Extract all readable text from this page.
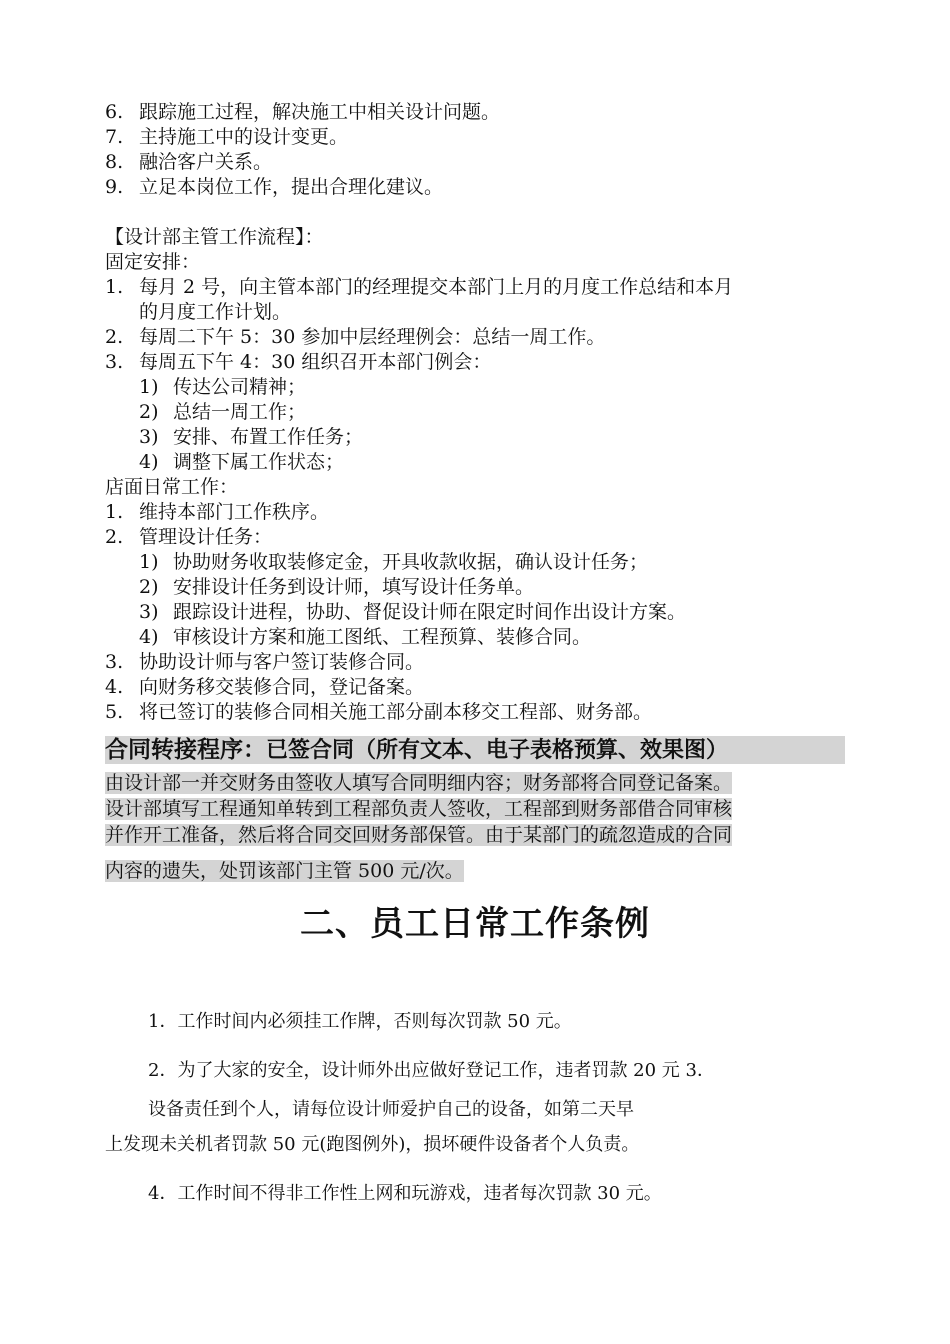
6. 跟踪施工过程，解决施工中相关设计问题。
7. 主持施工中的设计变更。
8. 融洽客户关系。
9. 立足本岗位工作，提出合理化建议。
【设计部主管工作流程】：
固定安排：
1. 每月 2 号，向主管本部门的经理提交本部门上月的月度工作总结和本月
的月度工作计划。
2. 每周二下午 5：30 参加中层经理例会：总结一周工作。
3. 每周五下午 4：30 组织召开本部门例会：
1) 传达公司精神；
2) 总结一周工作；
3) 安排、布置工作任务；
4) 调整下属工作状态；
店面日常工作：
1. 维持本部门工作秩序。
2. 管理设计任务：
1) 协助财务收取装修定金，开具收款收据，确认设计任务；
2) 安排设计任务到设计师，填写设计任务单。
3) 跟踪设计进程，协助、督促设计师在限定时间作出设计方案。
4) 审核设计方案和施工图纸、工程预算、装修合同。
3. 协助设计师与客户签订装修合同。
4. 向财务移交装修合同，登记备案。
5. 将已签订的装修合同相关施工部分副本移交工程部、财务部。
合同转接程序：已签合同（所有文本、电子表格预算、效果图）
由设计部一并交财务由签收人填写合同明细内容；财务部将合同登记备案。
设计部填写工程通知单转到工程部负责人签收，工程部到财务部借合同审核
并作开工准备，然后将合同交回财务部保管。由于某部门的疏忽造成的合同
内容的遗失，处罚该部门主管 500 元/次。
二、员工日常工作条例
1．工作时间内必须挂工作牌，否则每次罚款 50 元。
2．为了大家的安全，设计师外出应做好登记工作，违者罚款 20 元 3．
设备责任到个人，请每位设计师爱护自己的设备，如第二天早
上发现未关机者罚款 50 元(跑图例外)，损坏硬件设备者个人负责。
4．工作时间不得非工作性上网和玩游戏，违者每次罚款 30 元。
